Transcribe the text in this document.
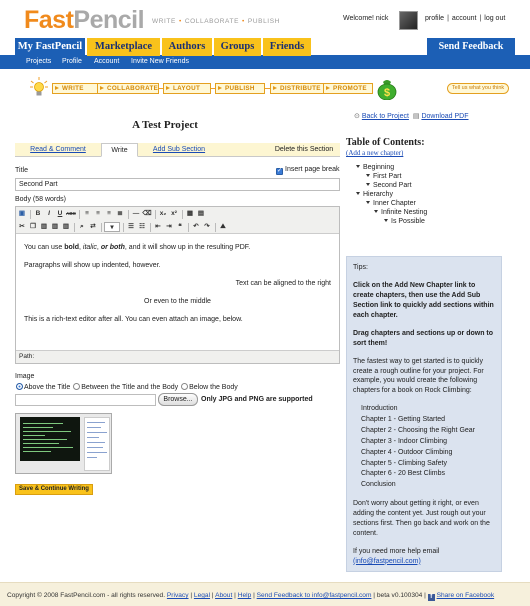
FastPencil WRITE • COLLABORATE • PUBLISH	Welcome! nick	profile | account | log out
My FastPencil	Marketplace	Authors	Groups	Friends	Send Feedback
Projects Profile Account Invite New Friends
WRITE	COLLABORATE	LAYOUT	PUBLISH	DISTRIBUTE	PROMOTE	$	Tell us what you think
A Test Project
Read & Comment	Write	Add Sub Section	Delete this Section
Title	✓ Insert page break
Second Part
Body (58 words)
▣	B	I	U ABC	≡	≡	≡ ≣	— ⌫ x₂ x²	▦ ▤
✂ ❐ ▥ ▥ ▥	⌕ ⇄	▾	☰ ☷	⇤ ⇥	❝	↶ ↷	⛰

You can use bold, italic, or both, and it will show up in the resulting PDF.

Paragraphs will show up indented, however.

Text can be aligned to the right

Or even to the middle

This is a rich-text editor after all. You can even attach an image, below.

Path:
Image
Above the Title Between the Title and the Body Below the Body
Browse...	Only JPG and PNG are supported
Save & Continue Writing
⊙ Back to Project ▤ Download PDF
Table of Contents:
(Add a new chapter)
Beginning
First Part
Second Part
Hierarchy
Inner Chapter
Infinite Nesting
Is Possible

Tips:

Click on the Add New Chapter link to create chapters, then use the Add Sub Section link to quickly add sections within each chapter.

Drag chapters and sections up or down to sort them!

The fastest way to get started is to quickly create a rough outline for your project. For example, you would create the following chapters for a book on Rock Climbing:

Introduction
Chapter 1 - Getting Started
Chapter 2 - Choosing the Right Gear
Chapter 3 - Indoor Climbing
Chapter 4 - Outdoor Climbing
Chapter 5 - Climbing Safety
Chapter 6 - 20 Best Climbs
Conclusion

Don't worry about getting it right, or even adding the content yet. Just rough out your sections first. Then go back and work on the content.

If you need more help email
(info@fastpencil.com)

Copyright © 2008 FastPencil.com - all rights reserved. Privacy | Legal | About | Help | Send Feedback to info@fastpencil.com | beta v0.100304 | f Share on Facebook
